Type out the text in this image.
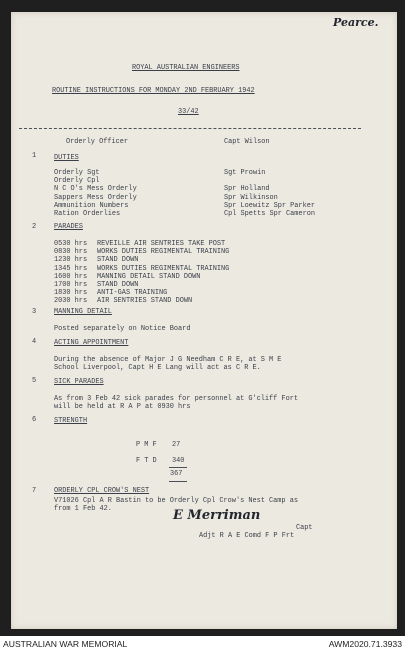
Pearce.
ROYAL AUSTRALIAN ENGINEERS
ROUTINE INSTRUCTIONS FOR MONDAY 2ND FEBRUARY 1942
33/42
Orderly Officer	Capt Wilson
1	DUTIES
Orderly Sgt	Sgt Prowin
Orderly Cpl
N C O's Mess Orderly	Spr Holland
Sappers Mess Orderly	Spr Wilkinson
Ammunition Numbers	Spr Loewitz Spr Parker
Ration Orderlies	Cpl Spetts Spr Cameron
2	PARADES
0530 hrs REVEILLE AIR SENTRIES TAKE POST
0830 hrs WORKS DUTIES REGIMENTAL TRAINING
1230 hrs STAND DOWN
1345 hrs WORKS DUTIES REGIMENTAL TRAINING
1600 hrs MANNING DETAIL STAND DOWN
1700 hrs STAND DOWN
1830 hrs ANTI-GAS TRAINING
2030 hrs AIR SENTRIES STAND DOWN
3	MANNING DETAIL
Posted separately on Notice Board
4	ACTING APPOINTMENT
During the absence of Major J G Needham C R E, at S M E
School Liverpool, Capt H E Lang will act as C R E.
5	SICK PARADES
As from 3 Feb 42 sick parades for personnel at G'cliff Fort
will be held at R A P at 0930 hrs
6	STRENGTH
P M F 27
F T D 340
367
7	ORDERLY CPL CROW'S NEST
V71026 Cpl A R Bastin to be Orderly Cpl Crow's Nest Camp as
from 1 Feb 42.	E Merriman
Capt
Adjt R A E Comd F P Frt
AUSTRALIAN WAR MEMORIAL	AWM2020.71.3933
